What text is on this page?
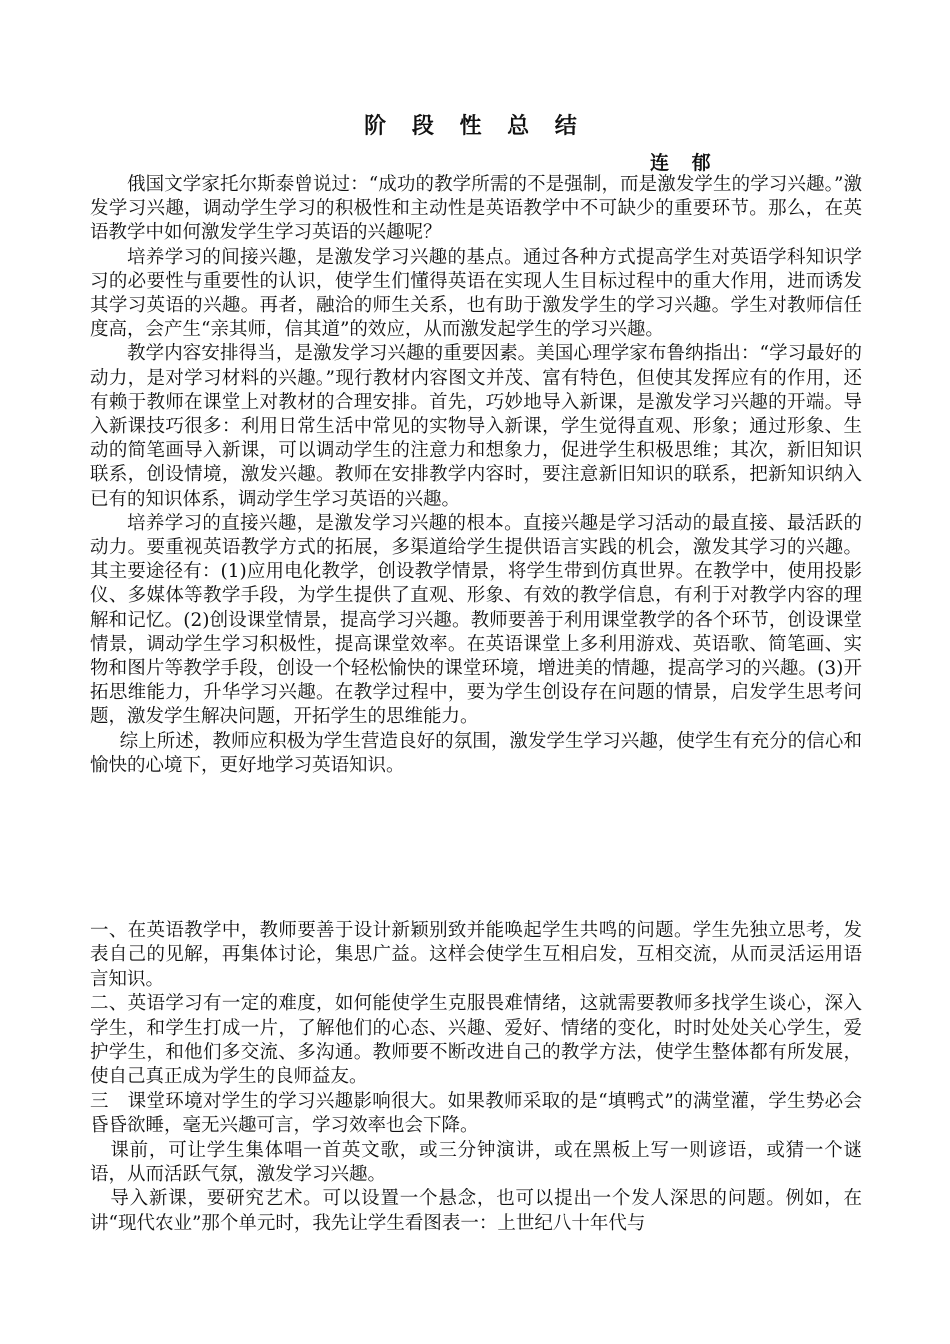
阶 段 性 总 结
连 郁

俄国文学家托尔斯泰曾说过：“成功的教学所需的不是强制，而是激发学生的学习兴趣。”激发学习兴趣，调动学生学习的积极性和主动性是英语教学中不可缺少的重要环节。那么，在英语教学中如何激发学生学习英语的兴趣呢？

培养学习的间接兴趣，是激发学习兴趣的基点。通过各种方式提高学生对英语学科知识学习的必要性与重要性的认识，使学生们懂得英语在实现人生目标过程中的重大作用，进而诱发其学习英语的兴趣。再者，融洽的师生关系，也有助于激发学生的学习兴趣。学生对教师信任度高，会产生“亲其师，信其道”的效应，从而激发起学生的学习兴趣。

教学内容安排得当，是激发学习兴趣的重要因素。美国心理学家布鲁纳指出：“学习最好的动力，是对学习材料的兴趣。”现行教材内容图文并茂、富有特色，但使其发挥应有的作用，还有赖于教师在课堂上对教材的合理安排。首先，巧妙地导入新课，是激发学习兴趣的开端。导入新课技巧很多：利用日常生活中常见的实物导入新课，学生觉得直观、形象；通过形象、生动的简笔画导入新课，可以调动学生的注意力和想象力，促进学生积极思维；其次，新旧知识联系，创设情境，激发兴趣。教师在安排教学内容时，要注意新旧知识的联系，把新知识纳入已有的知识体系，调动学生学习英语的兴趣。

培养学习的直接兴趣，是激发学习兴趣的根本。直接兴趣是学习活动的最直接、最活跃的动力。要重视英语教学方式的拓展，多渠道给学生提供语言实践的机会，激发其学习的兴趣。其主要途径有：(1)应用电化教学，创设教学情景，将学生带到仿真世界。在教学中，使用投影仪、多媒体等教学手段，为学生提供了直观、形象、有效的教学信息，有利于对教学内容的理解和记忆。(2)创设课堂情景，提高学习兴趣。教师要善于利用课堂教学的各个环节，创设课堂情景，调动学生学习积极性，提高课堂效率。在英语课堂上多利用游戏、英语歌、简笔画、实物和图片等教学手段，创设一个轻松愉快的课堂环境，增进美的情趣，提高学习的兴趣。(3)开拓思维能力，升华学习兴趣。在教学过程中，要为学生创设存在问题的情景，启发学生思考问题，激发学生解决问题，开拓学生的思维能力。

综上所述，教师应积极为学生营造良好的氛围，激发学生学习兴趣，使学生有充分的信心和愉快的心境下，更好地学习英语知识。

一、在英语教学中，教师要善于设计新颖别致并能唤起学生共鸣的问题。学生先独立思考，发表自己的见解，再集体讨论，集思广益。这样会使学生互相启发，互相交流，从而灵活运用语言知识。

二、英语学习有一定的难度，如何能使学生克服畏难情绪，这就需要教师多找学生谈心，深入学生，和学生打成一片，了解他们的心态、兴趣、爱好、情绪的变化，时时处处关心学生，爱护学生，和他们多交流、多沟通。教师要不断改进自己的教学方法，使学生整体都有所发展，使自己真正成为学生的良师益友。

三　课堂环境对学生的学习兴趣影响很大。如果教师采取的是“填鸭式”的满堂灌，学生势必会昏昏欲睡，毫无兴趣可言，学习效率也会下降。

课前，可让学生集体唱一首英文歌，或三分钟演讲，或在黑板上写一则谚语，或猜一个谜语，从而活跃气氛，激发学习兴趣。

导入新课，要研究艺术。可以设置一个悬念，也可以提出一个发人深思的问题。例如，在讲“现代农业”那个单元时，我先让学生看图表一：上世纪八十年代与
